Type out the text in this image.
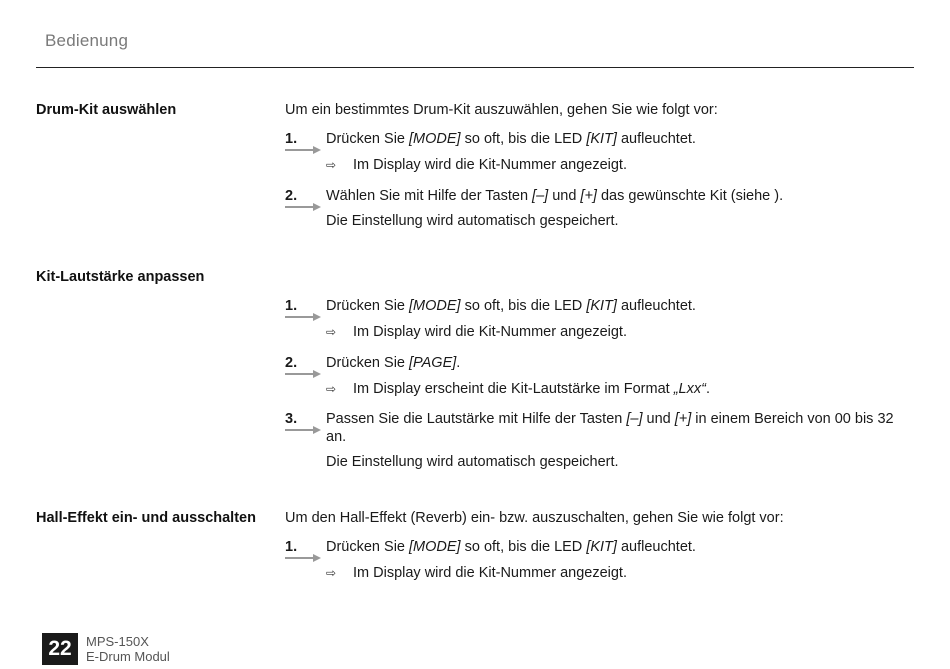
Bedienung
Drum-Kit auswählen	Um ein bestimmtes Drum-Kit auszuwählen, gehen Sie wie folgt vor:
1. Drücken Sie [MODE] so oft, bis die LED [KIT] aufleuchtet.
⇨ Im Display wird die Kit-Nummer angezeigt.
2. Wählen Sie mit Hilfe der Tasten [–] und [+] das gewünschte Kit (siehe ).
Die Einstellung wird automatisch gespeichert.
Kit-Lautstärke anpassen
1. Drücken Sie [MODE] so oft, bis die LED [KIT] aufleuchtet.
⇨ Im Display wird die Kit-Nummer angezeigt.
2. Drücken Sie [PAGE].
⇨ Im Display erscheint die Kit-Lautstärke im Format „Lxx“.
3. Passen Sie die Lautstärke mit Hilfe der Tasten [–] und [+] in einem Bereich von 00 bis 32 an.
Die Einstellung wird automatisch gespeichert.
Hall-Effekt ein- und ausschalten Um den Hall-Effekt (Reverb) ein- bzw. auszuschalten, gehen Sie wie folgt vor:
1. Drücken Sie [MODE] so oft, bis die LED [KIT] aufleuchtet.
⇨ Im Display wird die Kit-Nummer angezeigt.
22	MPS-150X
E-Drum Modul
